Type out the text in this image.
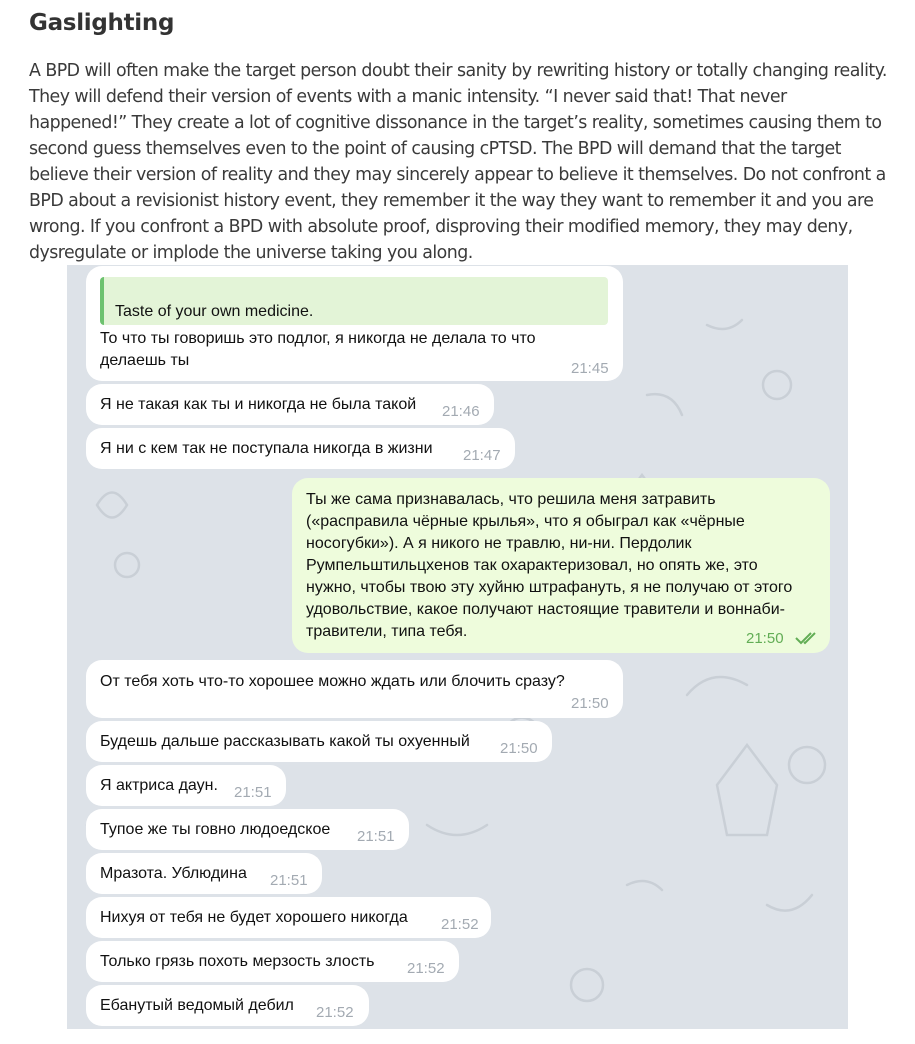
Gaslighting

A BPD will often make the target person doubt their sanity by rewriting history or totally changing reality. They will defend their version of events with a manic intensity. “I never said that! That never happened!” They create a lot of cognitive dissonance in the target’s reality, sometimes causing them to second guess themselves even to the point of causing cPTSD. The BPD will demand that the target believe their version of reality and they may sincerely appear to believe it themselves. Do not confront a BPD about a revisionist history event, they remember it the way they want to remember it and you are wrong. If you confront a BPD with absolute proof, disproving their modified memory, they may deny, dysregulate or implode the universe taking you along.

Taste of your own medicine.
То что ты говоришь это подлог, я никогда не делала то что
делаешь ты	21:45
Я не такая как ты и никогда не была такой 21:46
Я ни с кем так не поступала никогда в жизни 21:47
Ты же сама признавалась, что решила меня затравить
(«расправила чёрные крылья», что я обыграл как «чёрные
носогубки»). А я никого не травлю, ни-ни. Пердолик
Румпельштильцхенов так охарактеризовал, но опять же, это
нужно, чтобы твою эту хуйню штрафануть, я не получаю от этого
удовольствие, какое получают настоящие травители и воннаби-
травители, типа тебя.	21:50
От тебя хоть что-то хорошее можно ждать или блочить сразу?
21:50
Будешь дальше рассказывать какой ты охуенный 21:50
Я актриса даун. 21:51
Тупое же ты говно людоедское 21:51
Мразота. Ублюдина 21:51
Нихуя от тебя не будет хорошего никогда 21:52
Только грязь похоть мерзость злость 21:52
Ебанутый ведомый дебил 21:52
